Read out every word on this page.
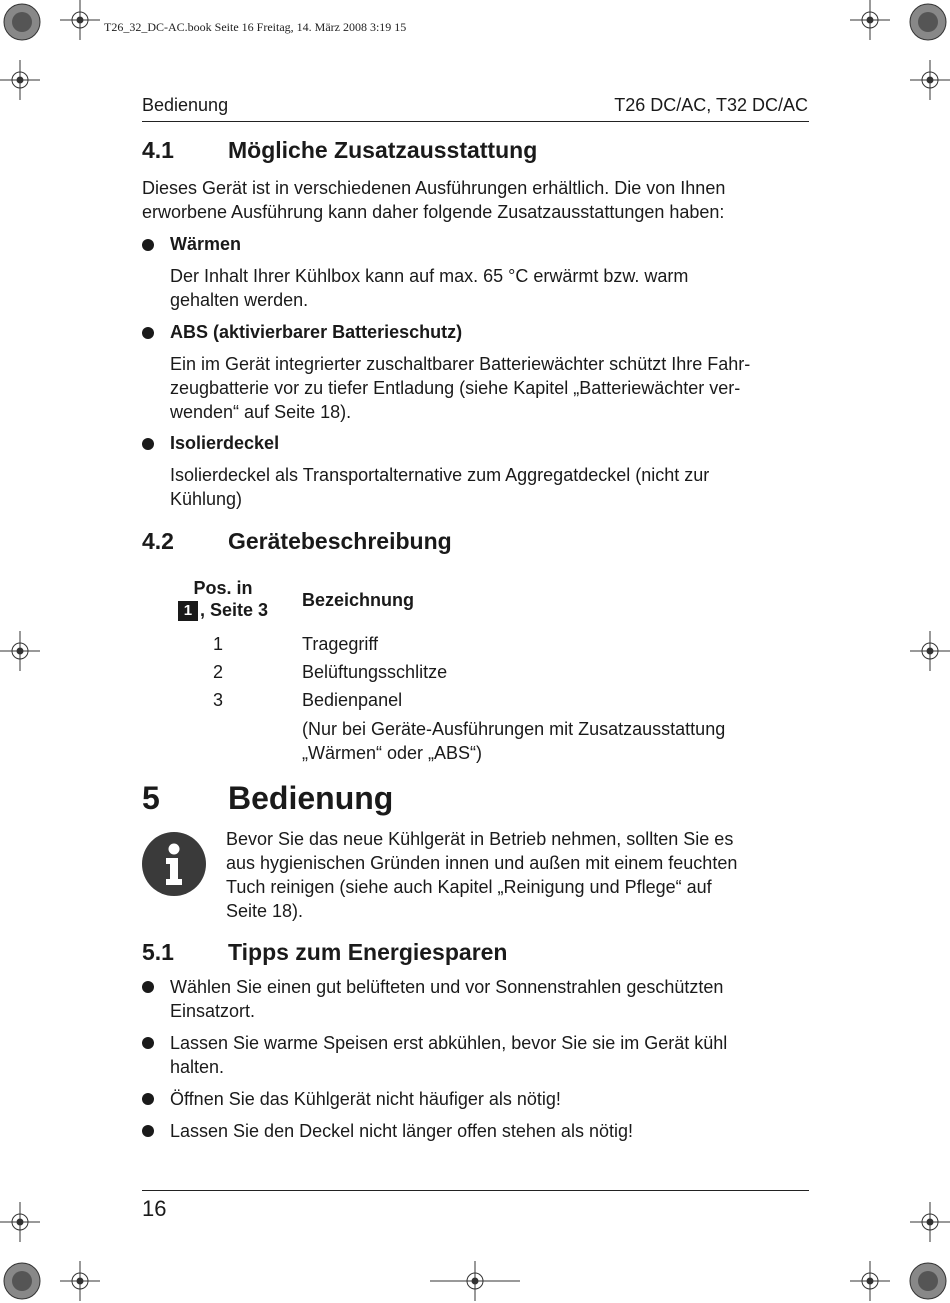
T26_32_DC-AC.book Seite 16 Freitag, 14. März 2008 3:19 15
Bedienung	T26 DC/AC, T32 DC/AC
4.1 Mögliche Zusatzausstattung
Dieses Gerät ist in verschiedenen Ausführungen erhältlich. Die von Ihnen
erworbene Ausführung kann daher folgende Zusatzausstattungen haben:
Wärmen
Der Inhalt Ihrer Kühlbox kann auf max. 65 °C erwärmt bzw. warm
gehalten werden.
ABS (aktivierbarer Batterieschutz)
Ein im Gerät integrierter zuschaltbarer Batteriewächter schützt Ihre Fahr-
zeugbatterie vor zu tiefer Entladung (siehe Kapitel „Batteriewächter ver-
wenden“ auf Seite 18).
Isolierdeckel
Isolierdeckel als Transportalternative zum Aggregatdeckel (nicht zur
Kühlung)
4.2 Gerätebeschreibung
Pos. in
1 , Seite 3	Bezeichnung
1	Tragegriff
2	Belüftungsschlitze
3	Bedienpanel
(Nur bei Geräte-Ausführungen mit Zusatzausstattung
„Wärmen“ oder „ABS“)
5 Bedienung
Bevor Sie das neue Kühlgerät in Betrieb nehmen, sollten Sie es
aus hygienischen Gründen innen und außen mit einem feuchten
Tuch reinigen (siehe auch Kapitel „Reinigung und Pflege“ auf
Seite 18).
5.1 Tipps zum Energiesparen
Wählen Sie einen gut belüfteten und vor Sonnenstrahlen geschützten
Einsatzort.
Lassen Sie warme Speisen erst abkühlen, bevor Sie sie im Gerät kühl
halten.
Öffnen Sie das Kühlgerät nicht häufiger als nötig!
Lassen Sie den Deckel nicht länger offen stehen als nötig!
16
